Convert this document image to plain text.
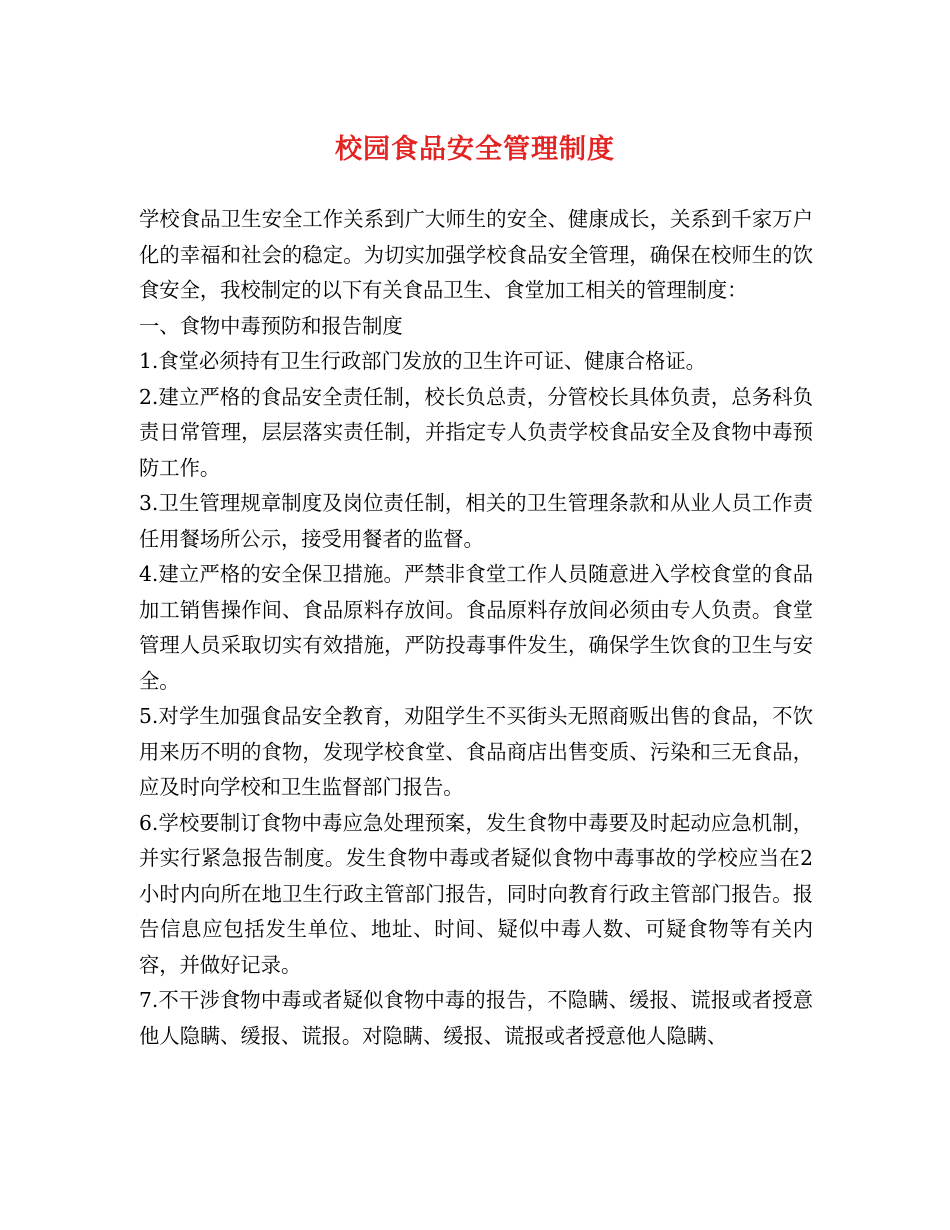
校园食品安全管理制度

学校食品卫生安全工作关系到广大师生的安全、健康成长，关系到千家万户化的幸福和社会的稳定。为切实加强学校食品安全管理，确保在校师生的饮食安全，我校制定的以下有关食品卫生、食堂加工相关的管理制度：

一、食物中毒预防和报告制度

1.食堂必须持有卫生行政部门发放的卫生许可证、健康合格证。

2.建立严格的食品安全责任制，校长负总责，分管校长具体负责，总务科负责日常管理，层层落实责任制，并指定专人负责学校食品安全及食物中毒预防工作。

3.卫生管理规章制度及岗位责任制，相关的卫生管理条款和从业人员工作责任用餐场所公示，接受用餐者的监督。

4.建立严格的安全保卫措施。严禁非食堂工作人员随意进入学校食堂的食品加工销售操作间、食品原料存放间。食品原料存放间必须由专人负责。食堂管理人员采取切实有效措施，严防投毒事件发生，确保学生饮食的卫生与安全。

5.对学生加强食品安全教育，劝阻学生不买街头无照商贩出售的食品，不饮用来历不明的食物，发现学校食堂、食品商店出售变质、污染和三无食品，应及时向学校和卫生监督部门报告。

6.学校要制订食物中毒应急处理预案，发生食物中毒要及时起动应急机制，并实行紧急报告制度。发生食物中毒或者疑似食物中毒事故的学校应当在2小时内向所在地卫生行政主管部门报告，同时向教育行政主管部门报告。报告信息应包括发生单位、地址、时间、疑似中毒人数、可疑食物等有关内容，并做好记录。

7.不干涉食物中毒或者疑似食物中毒的报告，不隐瞒、缓报、谎报或者授意他人隐瞒、缓报、谎报。对隐瞒、缓报、谎报或者授意他人隐瞒、
